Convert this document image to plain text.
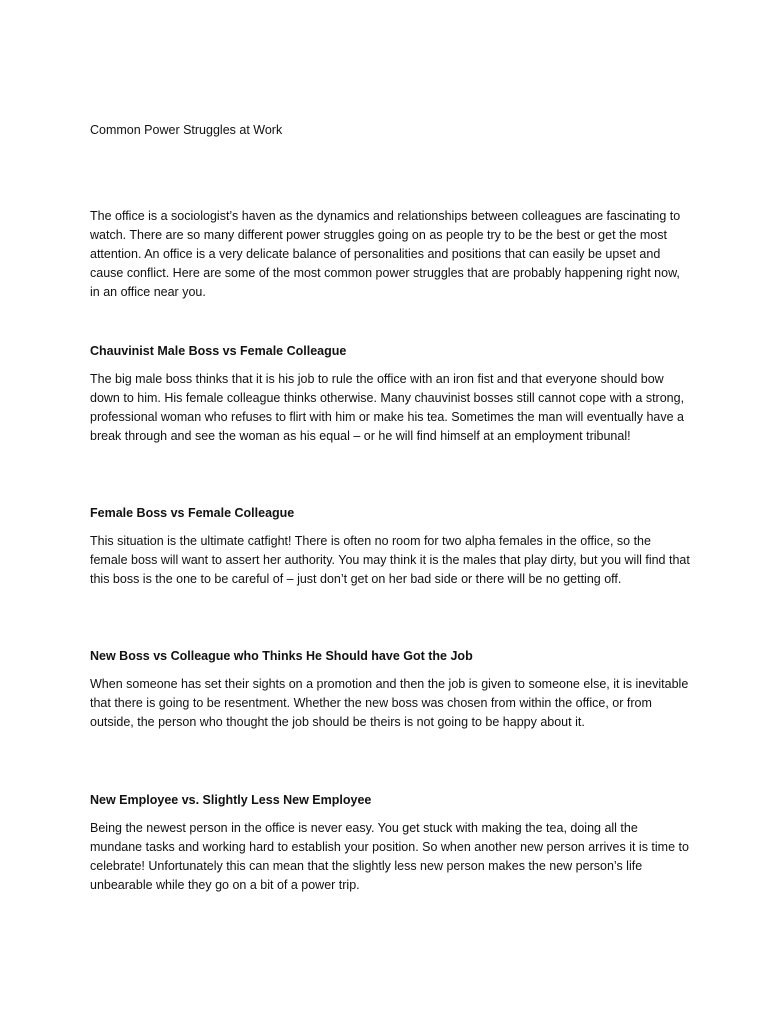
Common Power Struggles at Work

The office is a sociologist’s haven as the dynamics and relationships between colleagues are fascinating to watch. There are so many different power struggles going on as people try to be the best or get the most attention. An office is a very delicate balance of personalities and positions that can easily be upset and cause conflict. Here are some of the most common power struggles that are probably happening right now, in an office near you.

Chauvinist Male Boss vs Female Colleague

The big male boss thinks that it is his job to rule the office with an iron fist and that everyone should bow down to him. His female colleague thinks otherwise. Many chauvinist bosses still cannot cope with a strong, professional woman who refuses to flirt with him or make his tea. Sometimes the man will eventually have a break through and see the woman as his equal – or he will find himself at an employment tribunal!

Female Boss vs Female Colleague

This situation is the ultimate catfight! There is often no room for two alpha females in the office, so the female boss will want to assert her authority. You may think it is the males that play dirty, but you will find that this boss is the one to be careful of – just don’t get on her bad side or there will be no getting off.

New Boss vs Colleague who Thinks He Should have Got the Job

When someone has set their sights on a promotion and then the job is given to someone else, it is inevitable that there is going to be resentment. Whether the new boss was chosen from within the office, or from outside, the person who thought the job should be theirs is not going to be happy about it.

New Employee vs. Slightly Less New Employee

Being the newest person in the office is never easy. You get stuck with making the tea, doing all the mundane tasks and working hard to establish your position. So when another new person arrives it is time to celebrate! Unfortunately this can mean that the slightly less new person makes the new person’s life unbearable while they go on a bit of a power trip.
